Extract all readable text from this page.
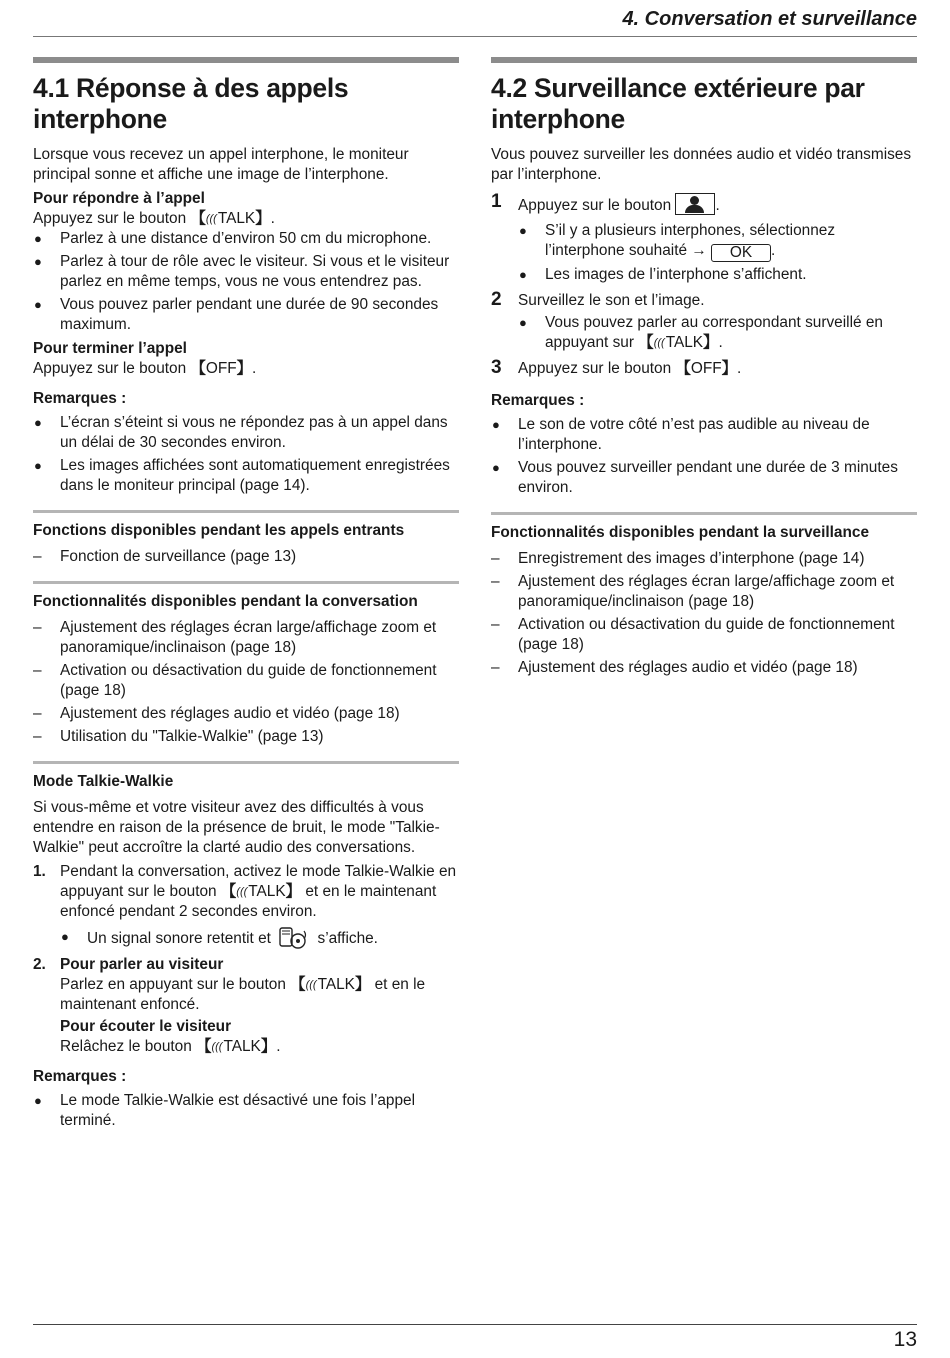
4. Conversation et surveillance
4.1 Réponse à des appels interphone

Lorsque vous recevez un appel interphone, le moniteur principal sonne et affiche une image de l’interphone.

Pour répondre à l’appel

Appuyez sur le bouton 【(((TALK】.

● Parlez à une distance d’environ 50 cm du microphone.
● Parlez à tour de rôle avec le visiteur. Si vous et le visiteur parlez en même temps, vous ne vous entendrez pas.
● Vous pouvez parler pendant une durée de 90 secondes maximum.

Pour terminer l’appel

Appuyez sur le bouton 【OFF】.

Remarques :

● L’écran s’éteint si vous ne répondez pas à un appel dans un délai de 30 secondes environ.
● Les images affichées sont automatiquement enregistrées dans le moniteur principal (page 14).
Fonctions disponibles pendant les appels entrants
– Fonction de surveillance (page 13)
Fonctionnalités disponibles pendant la conversation
– Ajustement des réglages écran large/affichage zoom et panoramique/inclinaison (page 18)
– Activation ou désactivation du guide de fonctionnement (page 18)
– Ajustement des réglages audio et vidéo (page 18)
– Utilisation du "Talkie-Walkie" (page 13)
Mode Talkie-Walkie

Si vous-même et votre visiteur avez des difficultés à vous entendre en raison de la présence de bruit, le mode "Talkie-Walkie" peut accroître la clarté audio des conversations.

1. Pendant la conversation, activez le mode Talkie-Walkie en appuyant sur le bouton 【(((TALK】 et en le maintenant enfoncé pendant 2 secondes environ.
● Un signal sonore retentit et	s’affiche.
2. Pour parler au visiteur

Parlez en appuyant sur le bouton 【(((TALK】 et en le maintenant enfoncé.

Pour écouter le visiteur

Relâchez le bouton 【(((TALK】.

Remarques :

● Le mode Talkie-Walkie est désactivé une fois l’appel terminé.
4.2 Surveillance extérieure par interphone

Vous pouvez surveiller les données audio et vidéo transmises par l’interphone.

1 Appuyez sur le bouton	.
● S’il y a plusieurs interphones, sélectionnez l’interphone souhaité → OK .
● Les images de l’interphone s’affichent.
2 Surveillez le son et l’image.
● Vous pouvez parler au correspondant surveillé en appuyant sur 【(((TALK】.
3 Appuyez sur le bouton 【OFF】.

Remarques :

● Le son de votre côté n’est pas audible au niveau de l’interphone.
● Vous pouvez surveiller pendant une durée de 3 minutes environ.
Fonctionnalités disponibles pendant la surveillance
– Enregistrement des images d’interphone (page 14)
– Ajustement des réglages écran large/affichage zoom et panoramique/inclinaison (page 18)
– Activation ou désactivation du guide de fonctionnement (page 18)
– Ajustement des réglages audio et vidéo (page 18)
13
